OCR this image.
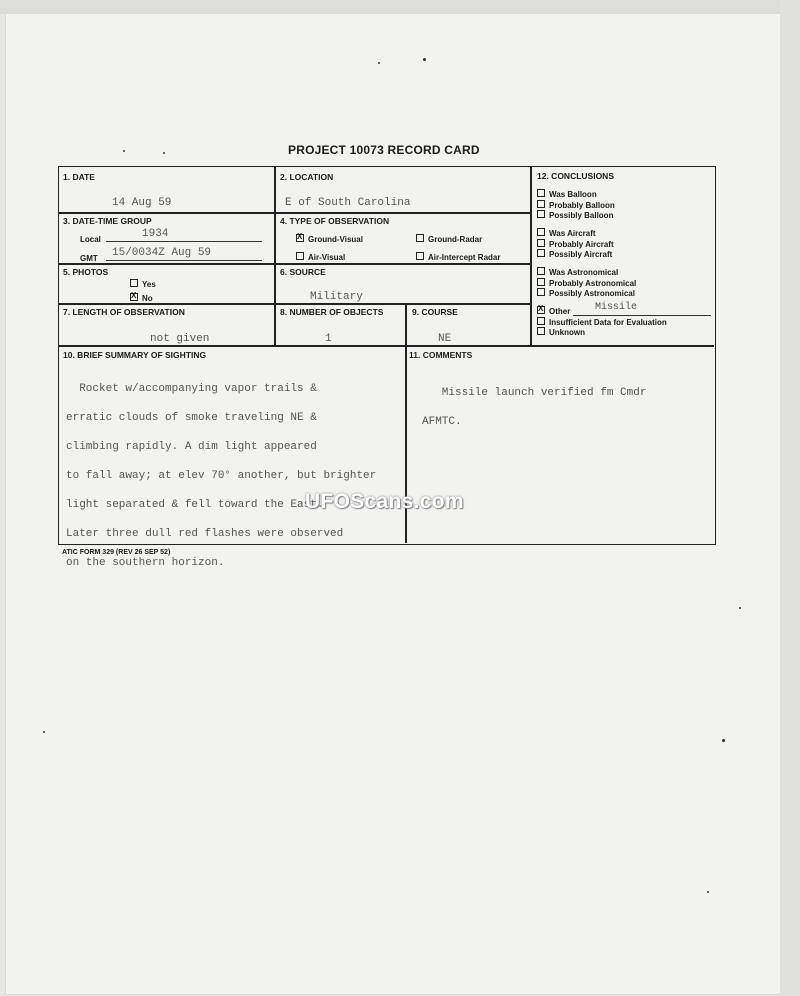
PROJECT 10073 RECORD CARD
1. DATE
14 Aug 59
2. LOCATION
E of South Carolina
3. DATE-TIME GROUP
Local	1934
GMT 15/0034Z Aug 59
4. TYPE OF OBSERVATION
X Ground-Visual	Ground-Radar
Air-Visual	Air-Intercept Radar
5. PHOTOS
Yes
X No
6. SOURCE
Military
7. LENGTH OF OBSERVATION
not given
8. NUMBER OF OBJECTS
1
9. COURSE
NE
12. CONCLUSIONS
Was Balloon
Probably Balloon
Possibly Balloon
Was Aircraft
Probably Aircraft
Possibly Aircraft
Was Astronomical
Probably Astronomical
Possibly Astronomical
X Other Missile
Insufficient Data for Evaluation
Unknown
10. BRIEF SUMMARY OF SIGHTING

Rocket w/accompanying vapor trails &

erratic clouds of smoke traveling NE &

climbing rapidly. A dim light appeared

to fall away; at elev 70° another, but brighter

light separated & fell toward the East.

Later three dull red flashes were observed

on the southern horizon.

11. COMMENTS

Missile launch verified fm Cmdr

AFMTC.

UFOScans.com
ATIC FORM 329 (REV 26 SEP 52)
